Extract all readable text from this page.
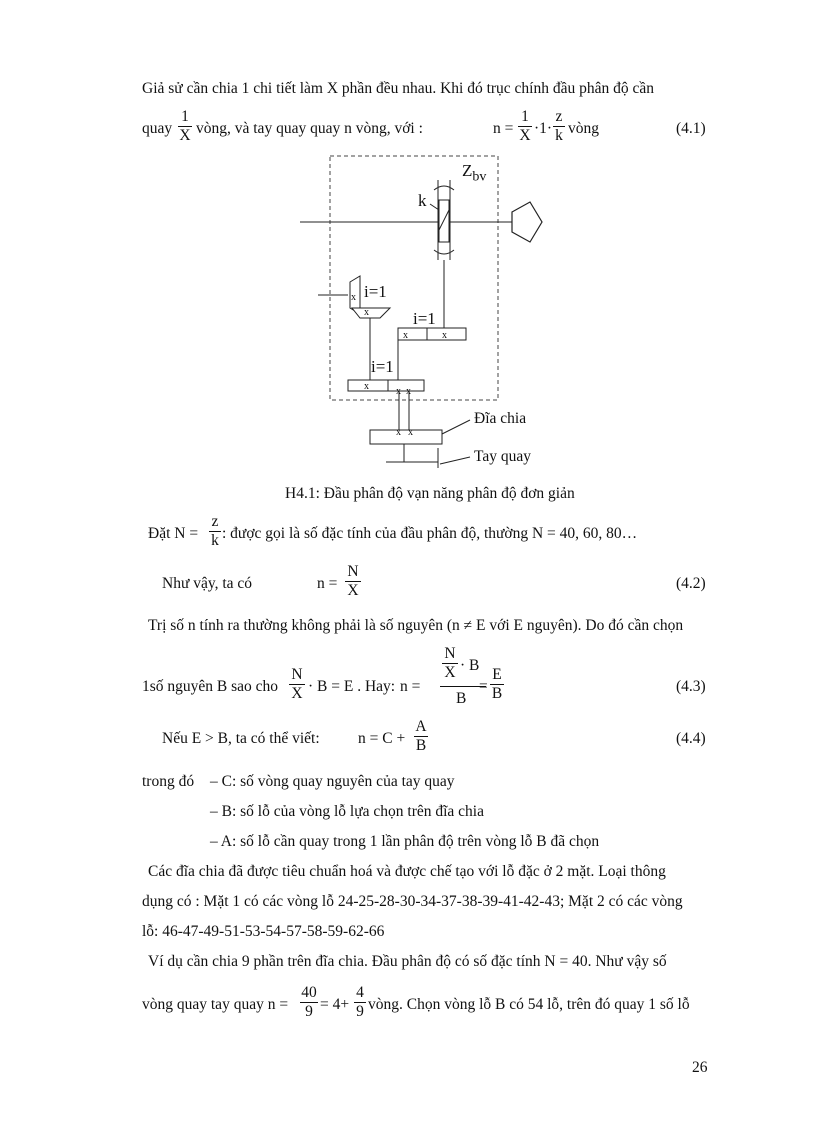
Giả sử cần chia 1 chi tiết làm X phần đều nhau. Khi đó trục chính đầu phân độ cần
quay
1
X vòng, và tay quay quay n vòng, với :	n =
1
X ·1·
z
k vòng	(4.1)
$Z_{bv}$
k
i=1
i=1
i=1
x
x
x	x
x	x x
x x
Đĩa chia
Tay quay
H4.1: Đầu phân độ vạn năng phân độ đơn giản
Đặt N =
z
k : được gọi là số đặc tính của đầu phân độ, thường N = 40, 60, 80…
Như vậy, ta có	n =
N
X	(4.2)
Trị số n tính ra thường không phải là số nguyên (n ≠ E với E nguyên). Do đó cần chọn
1số nguyên B sao cho
N
X · B = E . Hay: n =
N
X · B
B
=
E
B	(4.3)
Nếu E > B, ta có thể viết: n = C +
A
B	(4.4)
trong đó – C: số vòng quay nguyên của tay quay
– B: số lỗ của vòng lỗ lựa chọn trên đĩa chia
– A: số lỗ cần quay trong 1 lần phân độ trên vòng lỗ B đã chọn
Các đĩa chia đã được tiêu chuẩn hoá và được chế tạo với lỗ đặc ở 2 mặt. Loại thông
dụng có : Mặt 1 có các vòng lỗ 24-25-28-30-34-37-38-39-41-42-43; Mặt 2 có các vòng
lỗ: 46-47-49-51-53-54-57-58-59-62-66
Ví dụ cần chia 9 phần trên đĩa chia. Đầu phân độ có số đặc tính N = 40. Như vậy số
vòng quay tay quay n =
40
9 = 4+
4
9 vòng. Chọn vòng lỗ B có 54 lỗ, trên đó quay 1 số lỗ
26
